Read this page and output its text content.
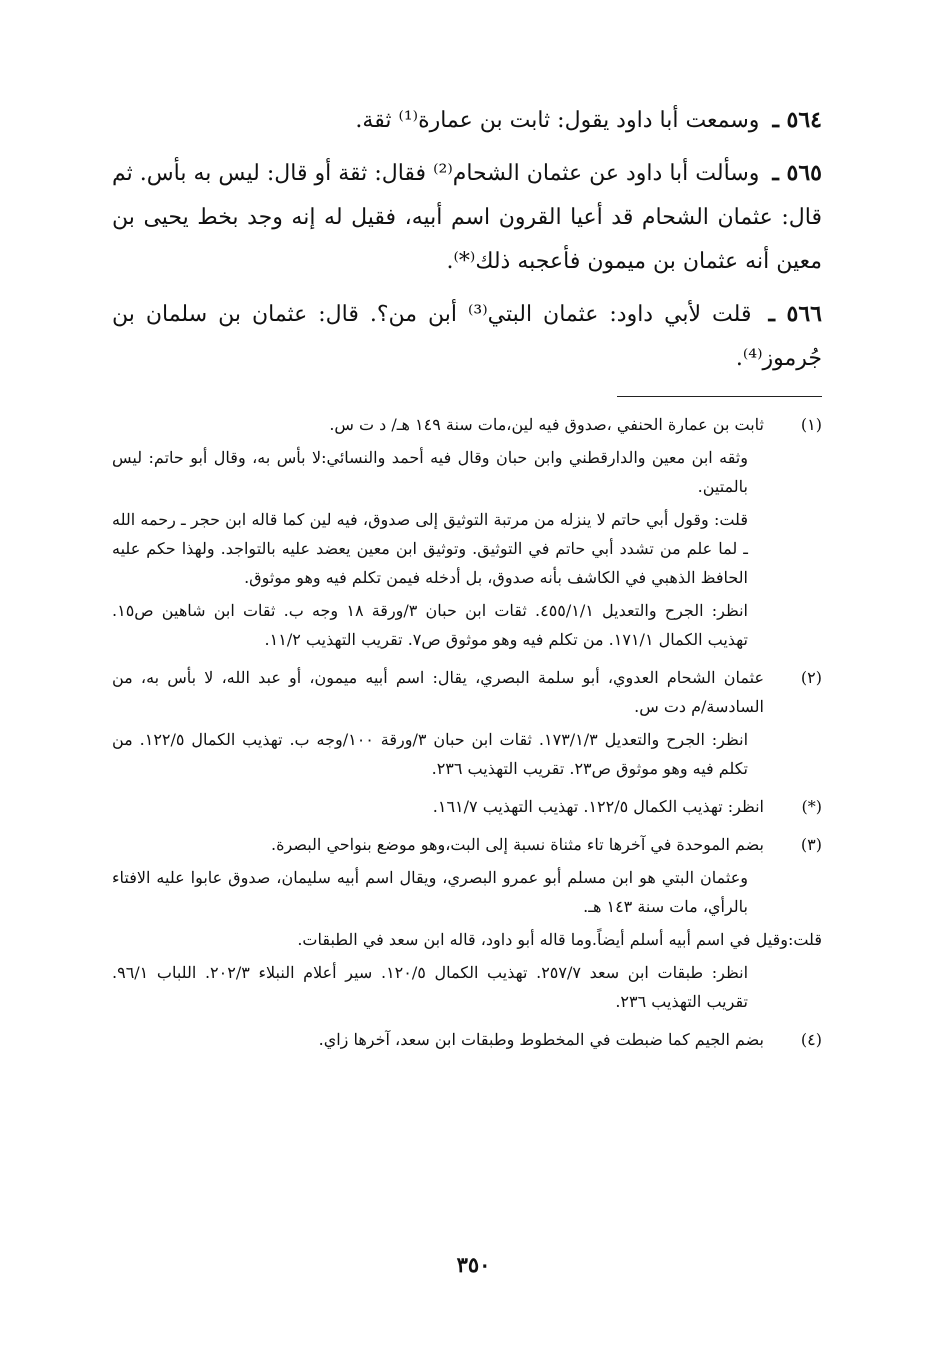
٥٦٤ ـ وسمعت أبا داود يقول: ثابت بن عمارة⁽¹⁾ ثقة.
٥٦٥ ـ وسألت أبا داود عن عثمان الشحام⁽²⁾ فقال: ثقة أو قال: ليس به بأس. ثم قال: عثمان الشحام قد أعيا القرون اسم أبيه، فقيل له إنه وجد بخط يحيى بن معين أنه عثمان بن ميمون فأعجبه ذلك⁽*⁾.
٥٦٦ ـ قلت لأبي داود: عثمان البتي⁽³⁾ أبن من؟. قال: عثمان بن سلمان بن جُرموز⁽⁴⁾.
(١)

ثابت بن عمارة الحنفي ،صدوق فيه لين،مات سنة ١٤٩ هـ/ د ت س.

وثقه ابن معين والدارقطني وابن حبان وقال فيه أحمد والنسائي:لا بأس به، وقال أبو حاتم: ليس بالمتين.

قلت: وقول أبي حاتم لا ينزله من مرتبة التوثيق إلى صدوق، فيه لين كما قاله ابن حجر ـ رحمه الله ـ لما علم من تشدد أبي حاتم في التوثيق. وتوثيق ابن معين يعضد عليه بالتواجد. ولهذا حكم عليه الحافظ الذهبي في الكاشف بأنه صدوق، بل أدخله فيمن تكلم فيه وهو موثوق.

انظر: الجرح والتعديل ٤٥٥/١/١. ثقات ابن حبان ٣/ورقة ١٨ وجه ب. ثقات ابن شاهين ص١٥. تهذيب الكمال ١٧١/١. من تكلم فيه وهو موثوق ص٧. تقريب التهذيب ١١/٢.

(٢)

عثمان الشحام العدوي، أبو سلمة البصري، يقال: اسم أبيه ميمون، أو عبد الله، لا بأس به، من السادسة/م دت س.

انظر: الجرح والتعديل ١٧٣/١/٣. ثقات ابن حبان ٣/ورقة ١٠٠/وجه ب. تهذيب الكمال ١٢٢/٥. من تكلم فيه وهو موثوق ص٢٣. تقريب التهذيب ٢٣٦.

(*)

انظر: تهذيب الكمال ١٢٢/٥. تهذيب التهذيب ١٦١/٧.

(٣)

بضم الموحدة في آخرها تاء مثناة نسبة إلى البت،وهو موضع بنواحي البصرة.

وعثمان البتي هو ابن مسلم أبو عمرو البصري، ويقال اسم أبيه سليمان، صدوق عابوا عليه الافتاء بالرأي، مات سنة ١٤٣ هـ.

قلت:وقيل في اسم أبيه أسلم أيضاً.وما قاله أبو داود، قاله ابن سعد في الطبقات.

انظر: طبقات ابن سعد ٢٥٧/٧. تهذيب الكمال ١٢٠/٥. سير أعلام النبلاء ٢٠٢/٣. اللباب ٩٦/١. تقريب التهذيب ٢٣٦.

(٤)

بضم الجيم كما ضبطت في المخطوط وطبقات ابن سعد، آخرها زاي.

٣٥٠
